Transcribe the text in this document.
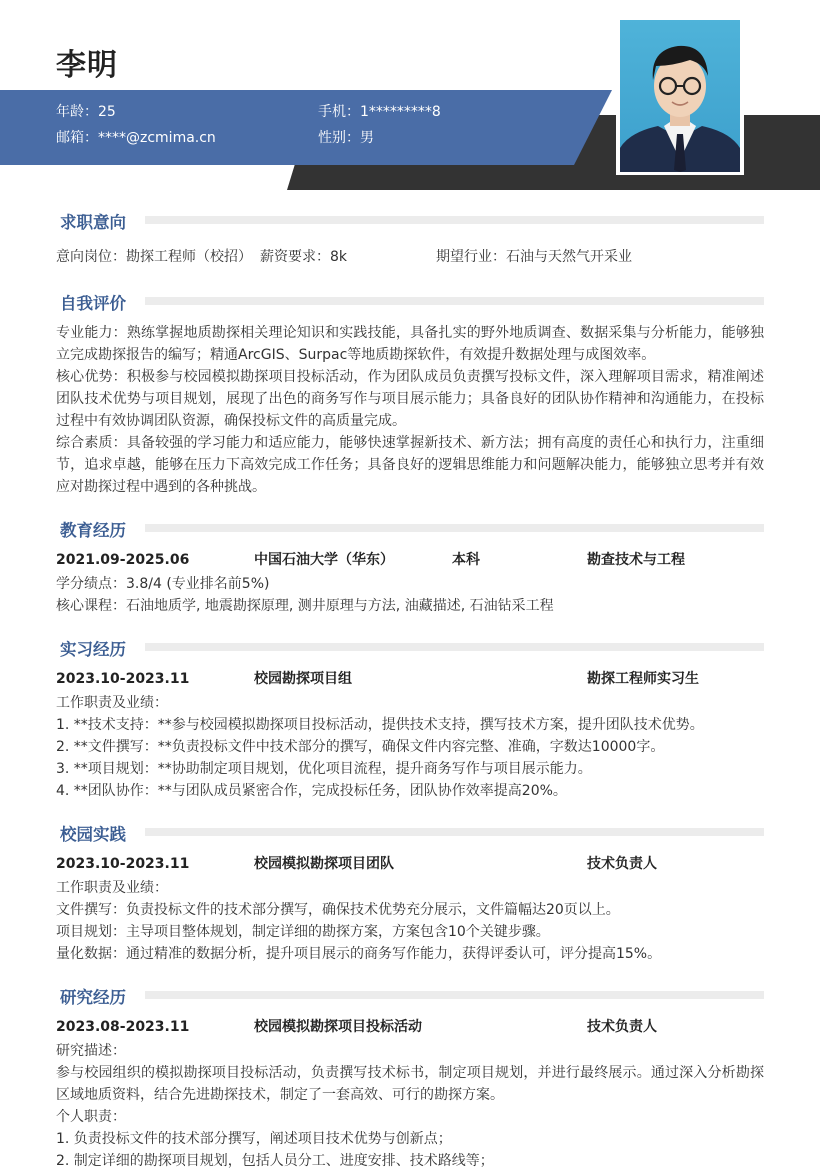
李明
年龄：25	手机：1*********8
邮箱：****@zcmima.cn	性别：男
求职意向
意向岗位：勘探工程师（校招） 薪资要求：8k	期望行业：石油与天然气开采业
自我评价
专业能力：熟练掌握地质勘探相关理论知识和实践技能，具备扎实的野外地质调查、数据采集与分析能力，能够独立完成勘探报告的编写；精通ArcGIS、Surpac等地质勘探软件，有效提升数据处理与成图效率。
核心优势：积极参与校园模拟勘探项目投标活动，作为团队成员负责撰写投标文件，深入理解项目需求，精准阐述团队技术优势与项目规划，展现了出色的商务写作与项目展示能力；具备良好的团队协作精神和沟通能力，在投标过程中有效协调团队资源，确保投标文件的高质量完成。
综合素质：具备较强的学习能力和适应能力，能够快速掌握新技术、新方法；拥有高度的责任心和执行力，注重细节，追求卓越，能够在压力下高效完成工作任务；具备良好的逻辑思维能力和问题解决能力，能够独立思考并有效应对勘探过程中遇到的各种挑战。
教育经历
2021.09-2025.06	中国石油大学（华东）	本科	勘查技术与工程
学分绩点：3.8/4 (专业排名前5%)
核心课程：石油地质学, 地震勘探原理, 测井原理与方法, 油藏描述, 石油钻采工程
实习经历
2023.10-2023.11	校园勘探项目组	勘探工程师实习生
工作职责及业绩：
1. **技术支持：**参与校园模拟勘探项目投标活动，提供技术支持，撰写技术方案，提升团队技术优势。
2. **文件撰写：**负责投标文件中技术部分的撰写，确保文件内容完整、准确，字数达10000字。
3. **项目规划：**协助制定项目规划，优化项目流程，提升商务写作与项目展示能力。
4. **团队协作：**与团队成员紧密合作，完成投标任务，团队协作效率提高20%。
校园实践
2023.10-2023.11	校园模拟勘探项目团队	技术负责人
工作职责及业绩：
文件撰写：负责投标文件的技术部分撰写，确保技术优势充分展示，文件篇幅达20页以上。
项目规划：主导项目整体规划，制定详细的勘探方案，方案包含10个关键步骤。
量化数据：通过精准的数据分析，提升项目展示的商务写作能力，获得评委认可，评分提高15%。
研究经历
2023.08-2023.11	校园模拟勘探项目投标活动	技术负责人
研究描述：
参与校园组织的模拟勘探项目投标活动，负责撰写技术标书，制定项目规划，并进行最终展示。通过深入分析勘探区域地质资料，结合先进勘探技术，制定了一套高效、可行的勘探方案。
个人职责：
1. 负责投标文件的技术部分撰写，阐述项目技术优势与创新点；
2. 制定详细的勘探项目规划，包括人员分工、进度安排、技术路线等；
